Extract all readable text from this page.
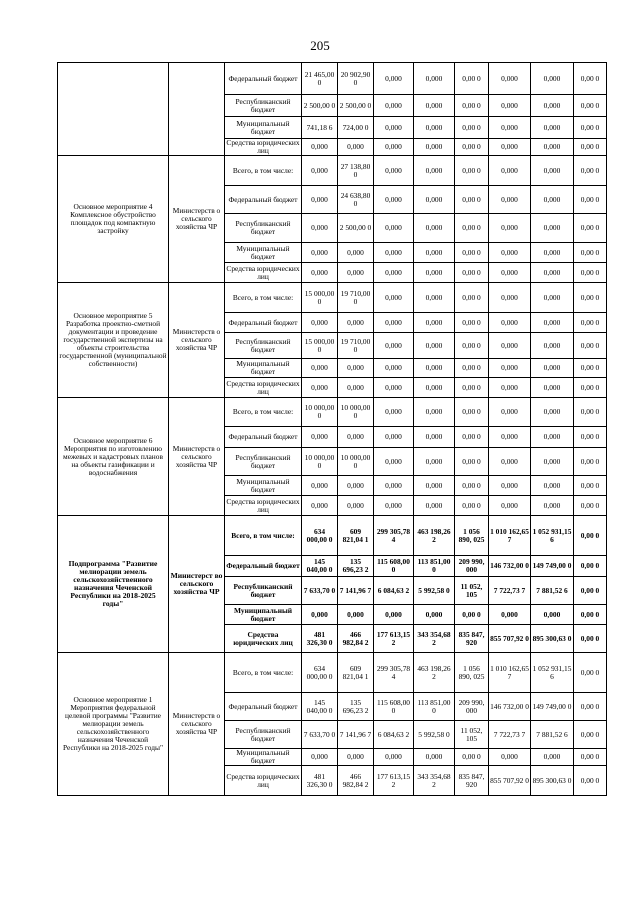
205
		Федеральный бюджет	21 465,00 0	20 902,90 0	0,000	0,000	0,00 0	0,000	0,000	0,00 0
		Республиканский бюджет	2 500,00 0	2 500,00 0	0,000	0,000	0,00 0	0,000	0,000	0,00 0
		Муниципальный бюджет	741,18 6	724,00 0	0,000	0,000	0,00 0	0,000	0,000	0,00 0
		Средства юридических лиц	0,000	0,000	0,000	0,000	0,00 0	0,000	0,000	0,00 0
Основное мероприятие 4 Комплексное обустройство площадок под компактную застройку	Министерств о сельского хозяйства ЧР	Всего, в том числе:	0,000	27 138,80 0	0,000	0,000	0,00 0	0,000	0,000	0,00 0
		Федеральный бюджет	0,000	24 638,80 0	0,000	0,000	0,00 0	0,000	0,000	0,00 0
		Республиканский бюджет	0,000	2 500,00 0	0,000	0,000	0,00 0	0,000	0,000	0,00 0
		Муниципальный бюджет	0,000	0,000	0,000	0,000	0,00 0	0,000	0,000	0,00 0
		Средства юридических лиц	0,000	0,000	0,000	0,000	0,00 0	0,000	0,000	0,00 0
Основное мероприятие 5 Разработка проектно-сметной документации и проведение государственной экспертизы на объекты строительства государственной (муниципальной собственности)	Министерств о сельского хозяйства ЧР	Всего, в том числе:	15 000,00 0	19 710,00 0	0,000	0,000	0,00 0	0,000	0,000	0,00 0
		Федеральный бюджет	0,000	0,000	0,000	0,000	0,00 0	0,000	0,000	0,00 0
		Республиканский бюджет	15 000,00 0	19 710,00 0	0,000	0,000	0,00 0	0,000	0,000	0,00 0
		Муниципальный бюджет	0,000	0,000	0,000	0,000	0,00 0	0,000	0,000	0,00 0
		Средства юридических лиц	0,000	0,000	0,000	0,000	0,00 0	0,000	0,000	0,00 0
Основное мероприятие 6 Мероприятия по изготовлению межевых и кадастровых планов на объекты газификации и водоснабжения	Министерств о сельского хозяйства ЧР	Всего, в том числе:	10 000,00 0	10 000,00 0	0,000	0,000	0,00 0	0,000	0,000	0,00 0
		Федеральный бюджет	0,000	0,000	0,000	0,000	0,00 0	0,000	0,000	0,00 0
		Республиканский бюджет	10 000,00 0	10 000,00 0	0,000	0,000	0,00 0	0,000	0,000	0,00 0
		Муниципальный бюджет	0,000	0,000	0,000	0,000	0,00 0	0,000	0,000	0,00 0
		Средства юридических лиц	0,000	0,000	0,000	0,000	0,00 0	0,000	0,000	0,00 0
Подпрограмма "Развитие мелиорации земель сельскохозяйственного назначения Чеченской Республики на 2018-2025 годы"	Министерст во сельского хозяйства ЧР	Всего, в том числе:	634 000,00 0	609 821,04 1	299 305,78 4	463 198,26 2	1 056 890, 025	1 010 162,65 7	1 052 931,15 6	0,00 0
		Федеральный бюджет	145 040,00 0	135 696,23 2	115 608,00 0	113 851,00 0	209 990, 000	146 732,00 0	149 749,00 0	0,00 0
		Республиканский бюджет	7 633,70 0	7 141,96 7	6 084,63 2	5 992,58 0	11 052, 105	7 722,73 7	7 881,52 6	0,00 0
		Муниципальный бюджет	0,000	0,000	0,000	0,000	0,00 0	0,000	0,000	0,00 0
		Средства юридических лиц	481 326,30 0	466 982,84 2	177 613,15 2	343 354,68 2	835 847, 920	855 707,92 0	895 300,63 0	0,00 0
Основное мероприятие 1 Мероприятия федеральной целевой программы "Развитие мелиорации земель сельскохозяйственного назначения Чеченской Республики на 2018-2025 годы"	Министерств о сельского хозяйства ЧР	Всего, в том числе:	634 000,00 0	609 821,04 1	299 305,78 4	463 198,26 2	1 056 890, 025	1 010 162,65 7	1 052 931,15 6	0,00 0
		Федеральный бюджет	145 040,00 0	135 696,23 2	115 608,00 0	113 851,00 0	209 990, 000	146 732,00 0	149 749,00 0	0,00 0
		Республиканский бюджет	7 633,70 0	7 141,96 7	6 084,63 2	5 992,58 0	11 052, 105	7 722,73 7	7 881,52 6	0,00 0
		Муниципальный бюджет	0,000	0,000	0,000	0,000	0,00 0	0,000	0,000	0,00 0
		Средства юридических лиц	481 326,30 0	466 982,84 2	177 613,15 2	343 354,68 2	835 847, 920	855 707,92 0	895 300,63 0	0,00 0
